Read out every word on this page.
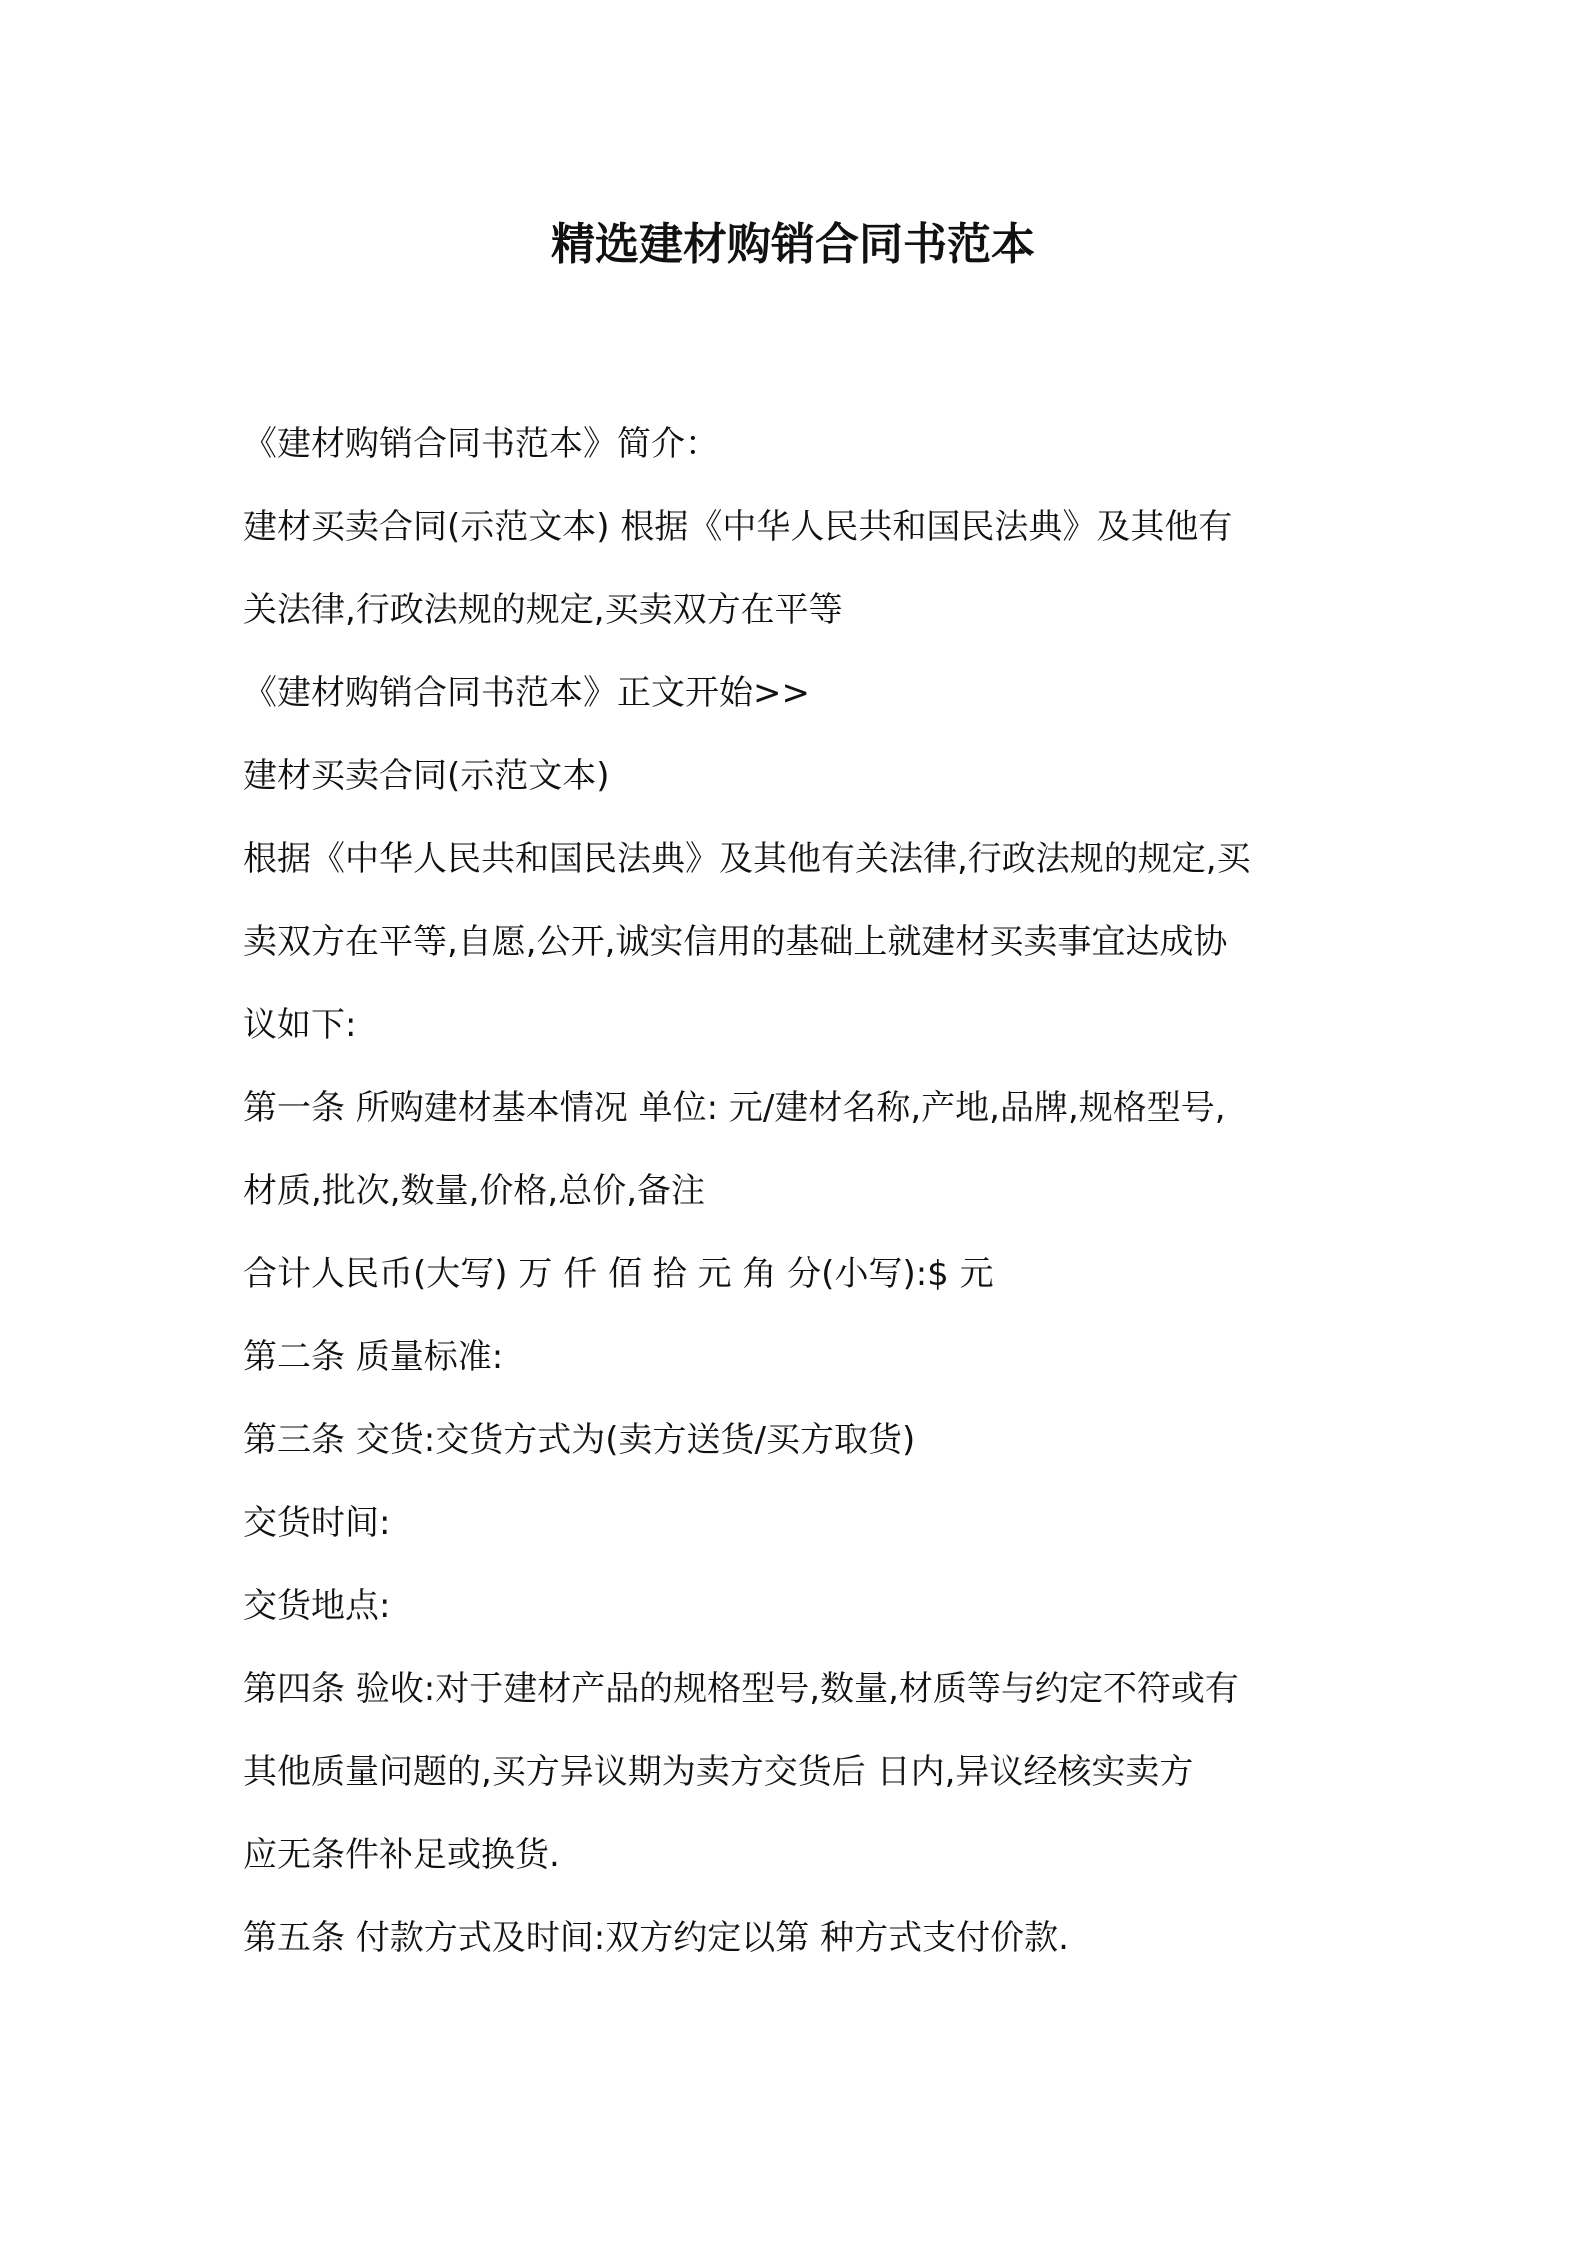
精选建材购销合同书范本
《建材购销合同书范本》简介：
建材买卖合同(示范文本) 根据《中华人民共和国民法典》及其他有
关法律,行政法规的规定,买卖双方在平等
《建材购销合同书范本》正文开始>>
建材买卖合同(示范文本)
根据《中华人民共和国民法典》及其他有关法律,行政法规的规定,买
卖双方在平等,自愿,公开,诚实信用的基础上就建材买卖事宜达成协
议如下:
第一条 所购建材基本情况 单位: 元/建材名称,产地,品牌,规格型号,
材质,批次,数量,价格,总价,备注
合计人民币(大写) 万 仟 佰 拾 元 角 分(小写):$ 元
第二条 质量标准:
第三条 交货:交货方式为(卖方送货/买方取货)
交货时间:
交货地点:
第四条 验收:对于建材产品的规格型号,数量,材质等与约定不符或有
其他质量问题的,买方异议期为卖方交货后 日内,异议经核实卖方
应无条件补足或换货.
第五条 付款方式及时间:双方约定以第 种方式支付价款.
